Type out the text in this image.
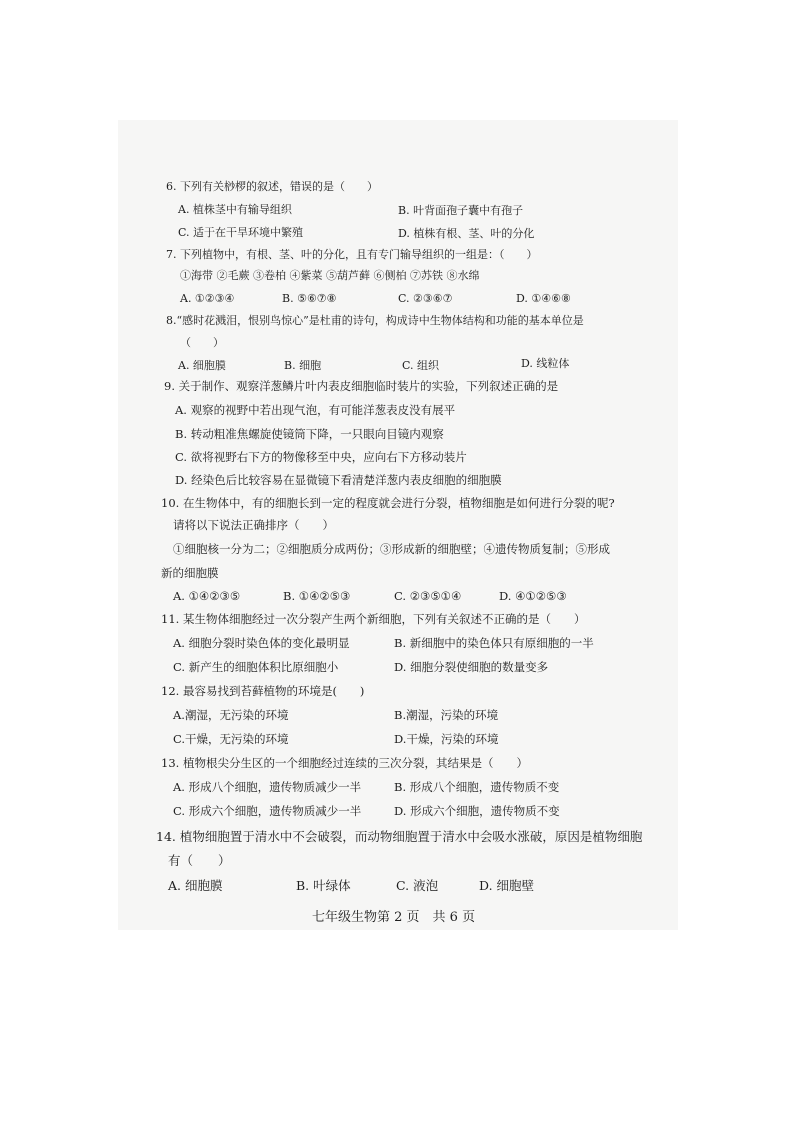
6. 下列有关桫椤的叙述，错误的是（　　）
A. 植株茎中有输导组织	B. 叶背面孢子囊中有孢子
C. 适于在干旱环境中繁殖	D. 植株有根、茎、叶的分化
7. 下列植物中，有根、茎、叶的分化，且有专门输导组织的一组是：（　　）
①海带 ②毛蕨 ③卷柏 ④紫菜 ⑤葫芦藓 ⑥侧柏 ⑦苏铁 ⑧水绵
A. ①②③④	B. ⑤⑥⑦⑧	C. ②③⑥⑦	D. ①④⑥⑧
8.“感时花溅泪，恨别鸟惊心”是杜甫的诗句，构成诗中生物体结构和功能的基本单位是
（　　）
A. 细胞膜	B. 细胞	C. 组织	D. 线粒体
9. 关于制作、观察洋葱鳞片叶内表皮细胞临时装片的实验，下列叙述正确的是
A. 观察的视野中若出现气泡，有可能洋葱表皮没有展平
B. 转动粗准焦螺旋使镜筒下降，一只眼向目镜内观察
C. 欲将视野右下方的物像移至中央，应向右下方移动装片
D. 经染色后比较容易在显微镜下看清楚洋葱内表皮细胞的细胞膜
10. 在生物体中，有的细胞长到一定的程度就会进行分裂，植物细胞是如何进行分裂的呢?
请将以下说法正确排序（　　）
①细胞核一分为二；②细胞质分成两份；③形成新的细胞壁；④遗传物质复制；⑤形成
新的细胞膜
A. ①④②③⑤	B. ①④②⑤③	C. ②③⑤①④	D. ④①②⑤③
11. 某生物体细胞经过一次分裂产生两个新细胞，下列有关叙述不正确的是（　　）
A. 细胞分裂时染色体的变化最明显	B. 新细胞中的染色体只有原细胞的一半
C. 新产生的细胞体积比原细胞小	D. 细胞分裂使细胞的数量变多
12. 最容易找到苔藓植物的环境是(　　)
A.潮湿，无污染的环境	B.潮湿，污染的环境
C.干燥，无污染的环境	D.干燥，污染的环境
13. 植物根尖分生区的一个细胞经过连续的三次分裂，其结果是（　　）
A. 形成八个细胞，遗传物质减少一半	B. 形成八个细胞，遗传物质不变
C. 形成六个细胞，遗传物质减少一半	D. 形成六个细胞，遗传物质不变
14. 植物细胞置于清水中不会破裂，而动物细胞置于清水中会吸水涨破，原因是植物细胞
有（　　）
A. 细胞膜	B. 叶绿体	C. 液泡	D. 细胞壁
七年级生物第 2 页　共 6 页
